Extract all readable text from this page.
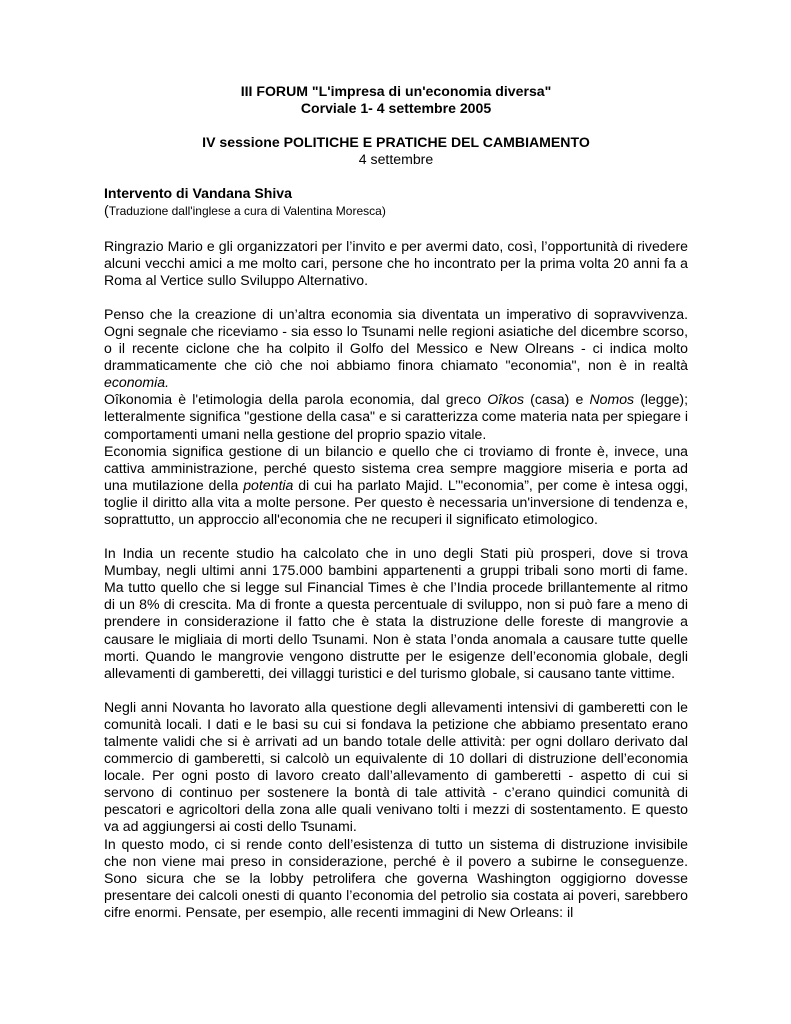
III FORUM "L'impresa di un'economia diversa"

Corviale 1- 4 settembre 2005

IV sessione POLITICHE E PRATICHE DEL CAMBIAMENTO

4 settembre

Intervento di Vandana Shiva

(Traduzione dall'inglese a cura di Valentina Moresca)

Ringrazio Mario e gli organizzatori per l’invito e per avermi dato, così, l’opportunità di rivedere alcuni vecchi amici a me molto cari, persone che ho incontrato per la prima volta 20 anni fa a Roma al Vertice sullo Sviluppo Alternativo.

Penso che la creazione di un’altra economia sia diventata un imperativo di sopravvivenza. Ogni segnale che riceviamo - sia esso lo Tsunami nelle regioni asiatiche del dicembre scorso, o il recente ciclone che ha colpito il Golfo del Messico e New Olreans - ci indica molto drammaticamente che ciò che noi abbiamo finora chiamato "economia", non è in realtà economia.

Oîkonomia è l'etimologia della parola economia, dal greco Oîkos (casa) e Nomos (legge); letteralmente significa "gestione della casa" e si caratterizza come materia nata per spiegare i comportamenti umani nella gestione del proprio spazio vitale.

Economia significa gestione di un bilancio e quello che ci troviamo di fronte è, invece, una cattiva amministrazione, perché questo sistema crea sempre maggiore miseria e porta ad una mutilazione della potentia di cui ha parlato Majid. L’"economia”, per come è intesa oggi, toglie il diritto alla vita a molte persone. Per questo è necessaria un'inversione di tendenza e, soprattutto, un approccio all'economia che ne recuperi il significato etimologico.

In India un recente studio ha calcolato che in uno degli Stati più prosperi, dove si trova Mumbay, negli ultimi anni 175.000 bambini appartenenti a gruppi tribali sono morti di fame. Ma tutto quello che si legge sul Financial Times è che l’India procede brillantemente al ritmo di un 8% di crescita. Ma di fronte a questa percentuale di sviluppo, non si può fare a meno di prendere in considerazione il fatto che è stata la distruzione delle foreste di mangrovie a causare le migliaia di morti dello Tsunami. Non è stata l’onda anomala a causare tutte quelle morti. Quando le mangrovie vengono distrutte per le esigenze dell’economia globale, degli allevamenti di gamberetti, dei villaggi turistici e del turismo globale, si causano tante vittime.

Negli anni Novanta ho lavorato alla questione degli allevamenti intensivi di gamberetti con le comunità locali. I dati e le basi su cui si fondava la petizione che abbiamo presentato erano talmente validi che si è arrivati ad un bando totale delle attività: per ogni dollaro derivato dal commercio di gamberetti, si calcolò un equivalente di 10 dollari di distruzione dell’economia locale. Per ogni posto di lavoro creato dall’allevamento di gamberetti - aspetto di cui si servono di continuo per sostenere la bontà di tale attività - c’erano quindici comunità di pescatori e agricoltori della zona alle quali venivano tolti i mezzi di sostentamento. E questo va ad aggiungersi ai costi dello Tsunami.

In questo modo, ci si rende conto dell’esistenza di tutto un sistema di distruzione invisibile che non viene mai preso in considerazione, perché è il povero a subirne le conseguenze. Sono sicura che se la lobby petrolifera che governa Washington oggigiorno dovesse presentare dei calcoli onesti di quanto l’economia del petrolio sia costata ai poveri, sarebbero cifre enormi. Pensate, per esempio, alle recenti immagini di New Orleans: il
